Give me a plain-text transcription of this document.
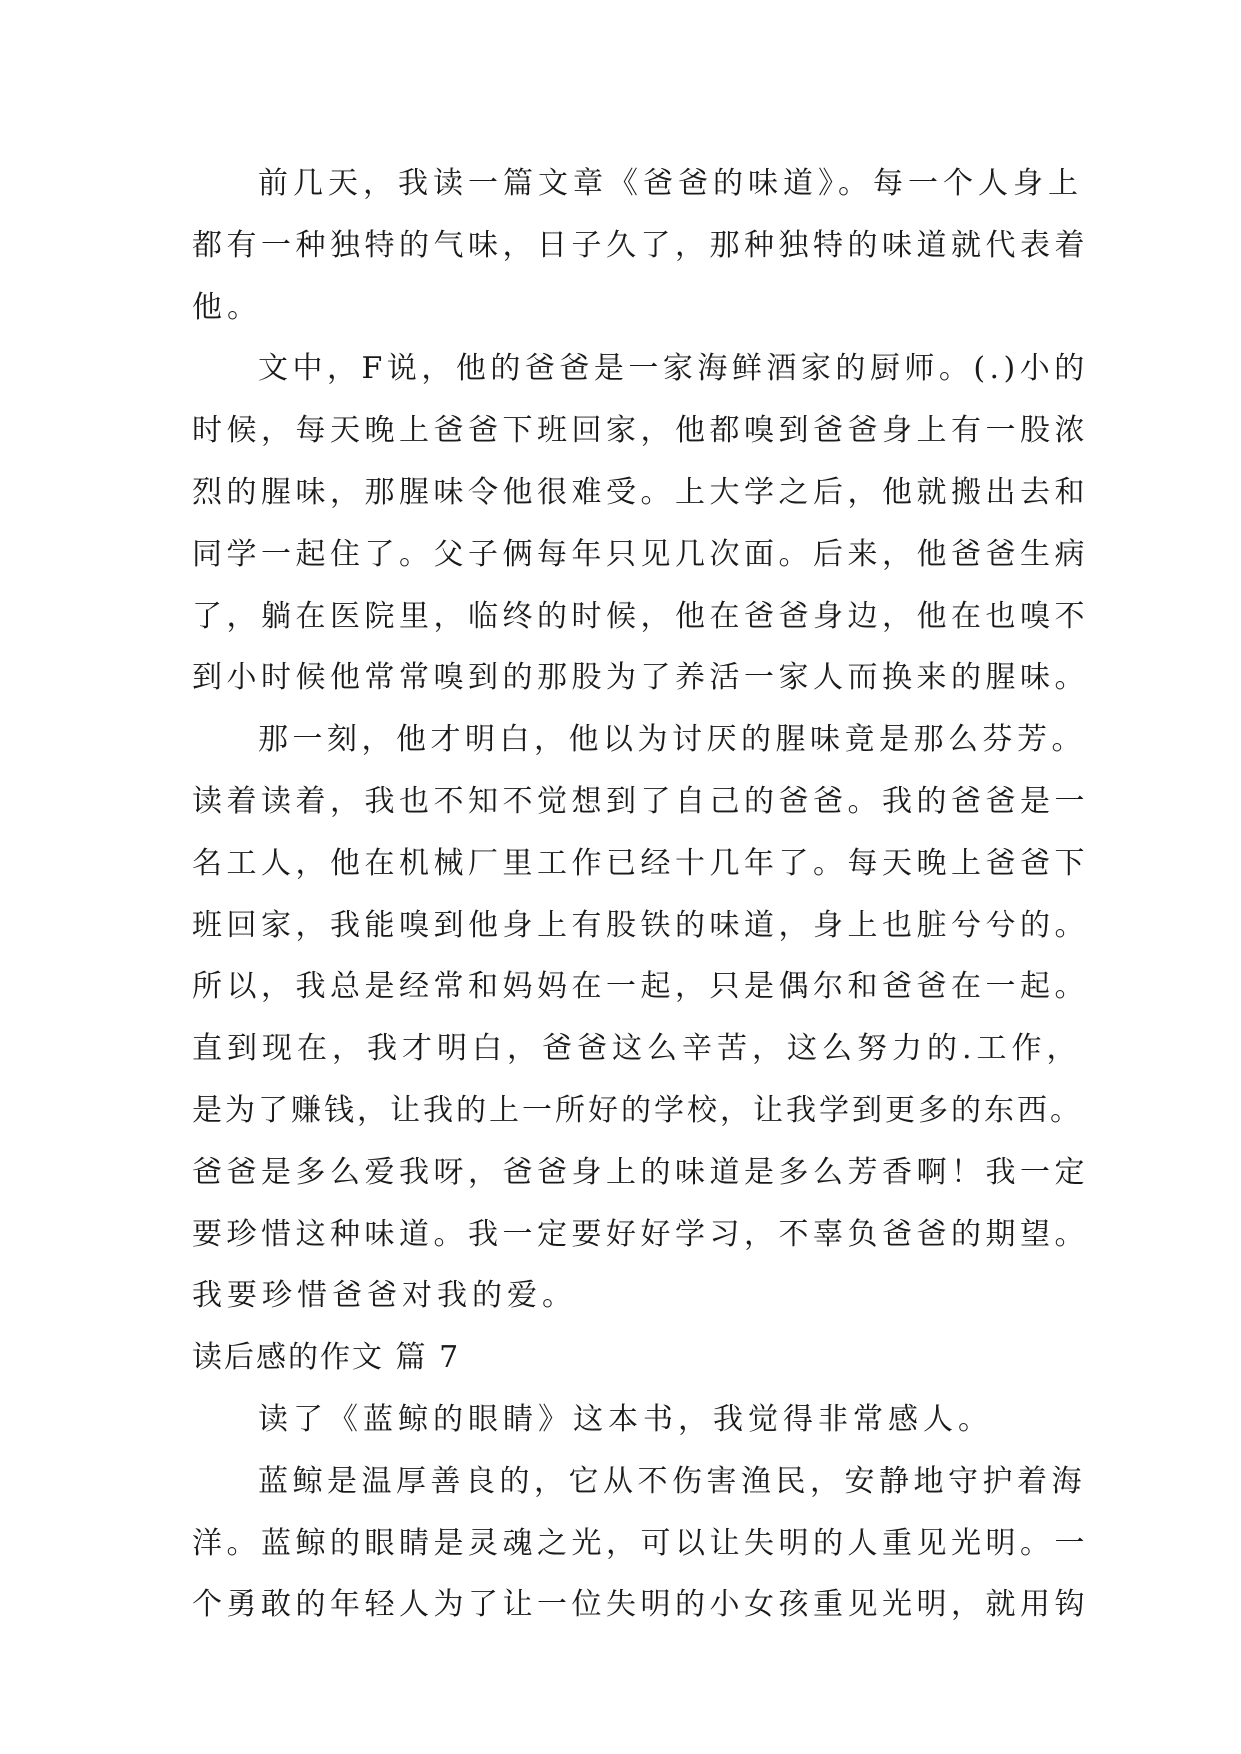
前几天，我读一篇文章《爸爸的味道》。每一个人身上
都有一种独特的气味，日子久了，那种独特的味道就代表着
他。
文中，F说，他的爸爸是一家海鲜酒家的厨师。(.)小的
时候，每天晚上爸爸下班回家，他都嗅到爸爸身上有一股浓
烈的腥味，那腥味令他很难受。上大学之后，他就搬出去和
同学一起住了。父子俩每年只见几次面。后来，他爸爸生病
了，躺在医院里，临终的时候，他在爸爸身边，他在也嗅不
到小时候他常常嗅到的那股为了养活一家人而换来的腥味。
那一刻，他才明白，他以为讨厌的腥味竟是那么芬芳。
读着读着，我也不知不觉想到了自己的爸爸。我的爸爸是一
名工人，他在机械厂里工作已经十几年了。每天晚上爸爸下
班回家，我能嗅到他身上有股铁的味道，身上也脏兮兮的。
所以，我总是经常和妈妈在一起，只是偶尔和爸爸在一起。
直到现在，我才明白，爸爸这么辛苦，这么努力的.工作，
是为了赚钱，让我的上一所好的学校，让我学到更多的东西。
爸爸是多么爱我呀，爸爸身上的味道是多么芳香啊！我一定
要珍惜这种味道。我一定要好好学习，不辜负爸爸的期望。
我要珍惜爸爸对我的爱。
读后感的作文 篇 7
读了《蓝鲸的眼睛》这本书，我觉得非常感人。
蓝鲸是温厚善良的，它从不伤害渔民，安静地守护着海
洋。蓝鲸的眼睛是灵魂之光，可以让失明的人重见光明。一
个勇敢的年轻人为了让一位失明的小女孩重见光明，就用钩
